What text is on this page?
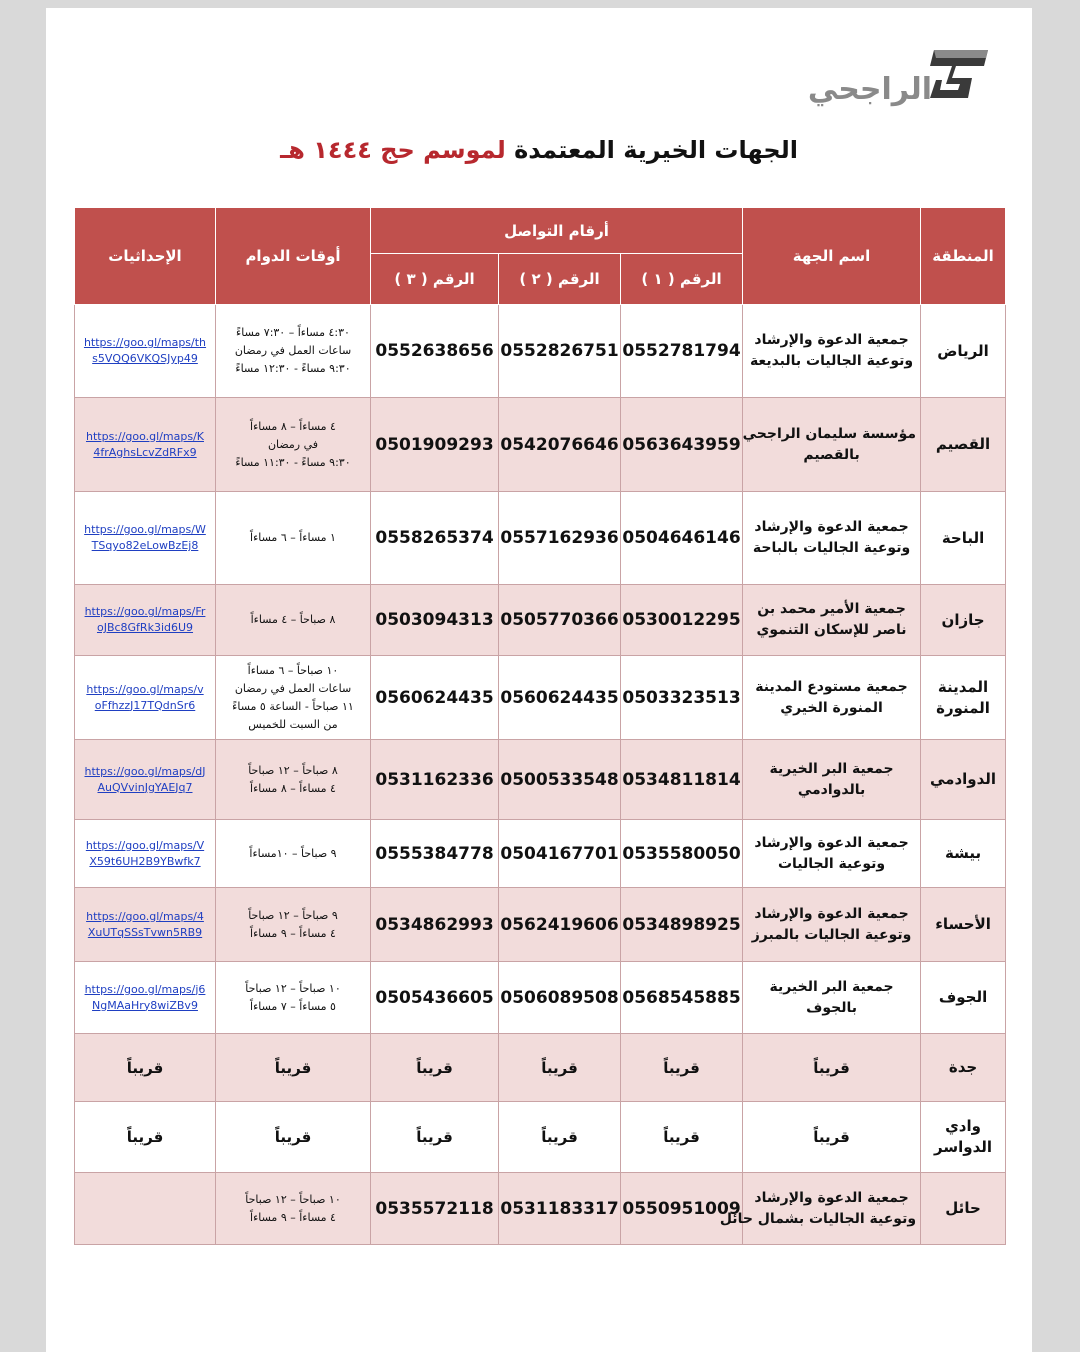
الراجحي
الجهات الخيرية المعتمدة لموسم حج ١٤٤٤ هـ
المنطقة	اسم الجهة	أرقام التواصل			أوقات الدوام	الإحداثيات
		الرقم ( ١ )	الرقم ( ٢ )	الرقم ( ٣ )		

الرياض	جمعية الدعوة والإرشاد
وتوعية الجاليات بالبديعة	0552781794	0552826751	0552638656	٤:٣٠ مساءاً – ٧:٣٠ مساءً
ساعات العمل في رمضان
٩:٣٠ مساءً - ١٢:٣٠ مساءً	https://goo.gl/maps/ths5VQQ6VKQSJyp49

القصيم	مؤسسة سليمان الراجحي
بالقصيم	0563643959	0542076646	0501909293	٤ مساءاً – ٨ مساءاً
في رمضان
٩:٣٠ مساءً - ١١:٣٠ مساءً	https://goo.gl/maps/K4frAghsLcvZdRFx9

الباحة	جمعية الدعوة والإرشاد
وتوعية الجاليات بالباحة	0504646146	0557162936	0558265374	١ مساءاً – ٦ مساءاً	https://goo.gl/maps/WTSqyo82eLowBzEj8

جازان	جمعية الأمير محمد بن
ناصر للإسكان التنموي	0530012295	0505770366	0503094313	٨ صباحاً – ٤ مساءاً	https://goo.gl/maps/FroJBc8GfRk3id6U9

المدينة
المنورة	جمعية مستودع المدينة
المنورة الخيري	0503323513	0560624435	0560624435	١٠ صباحاً – ٦ مساءاً
ساعات العمل في رمضان
١١ صباحاً - الساعة ٥ مساءً
من السبت للخميس	https://goo.gl/maps/voFfhzzJ17TQdnSr6

الدوادمي	جمعية البر الخيرية
بالدوادمي	0534811814	0500533548	0531162336	٨ صباحاً – ١٢ صباحاً
٤ مساءاً – ٨ مساءاً	https://goo.gl/maps/dJAuQVvinJgYAEJq7

بيشة	جمعية الدعوة والإرشاد
وتوعية الجاليات	0535580050	0504167701	0555384778	٩ صباحاً – ١٠مساءاً	https://goo.gl/maps/VX59t6UH2B9YBwfk7

الأحساء	جمعية الدعوة والإرشاد
وتوعية الجاليات بالمبرز	0534898925	0562419606	0534862993	٩ صباحاً – ١٢ صباحاً
٤ مساءاً – ٩ مساءاً	https://goo.gl/maps/4XuUTqSSsTvwn5RB9

الجوف	جمعية البر الخيرية
بالجوف	0568545885	0506089508	0505436605	١٠ صباحاً – ١٢ صباحاً
٥ مساءاً – ٧ مساءاً	https://goo.gl/maps/j6NgMAaHry8wiZBv9

جدة	قريباً	قريباً	قريباً	قريباً	قريباً	قريباً

وادي
الدواسر	قريباً	قريباً	قريباً	قريباً	قريباً	قريباً

حائل	جمعية الدعوة والإرشاد
وتوعية الجاليات بشمال حائل	0550951009	0531183317	0535572118	١٠ صباحاً – ١٢ صباحاً
٤ مساءاً – ٩ مساءاً	
